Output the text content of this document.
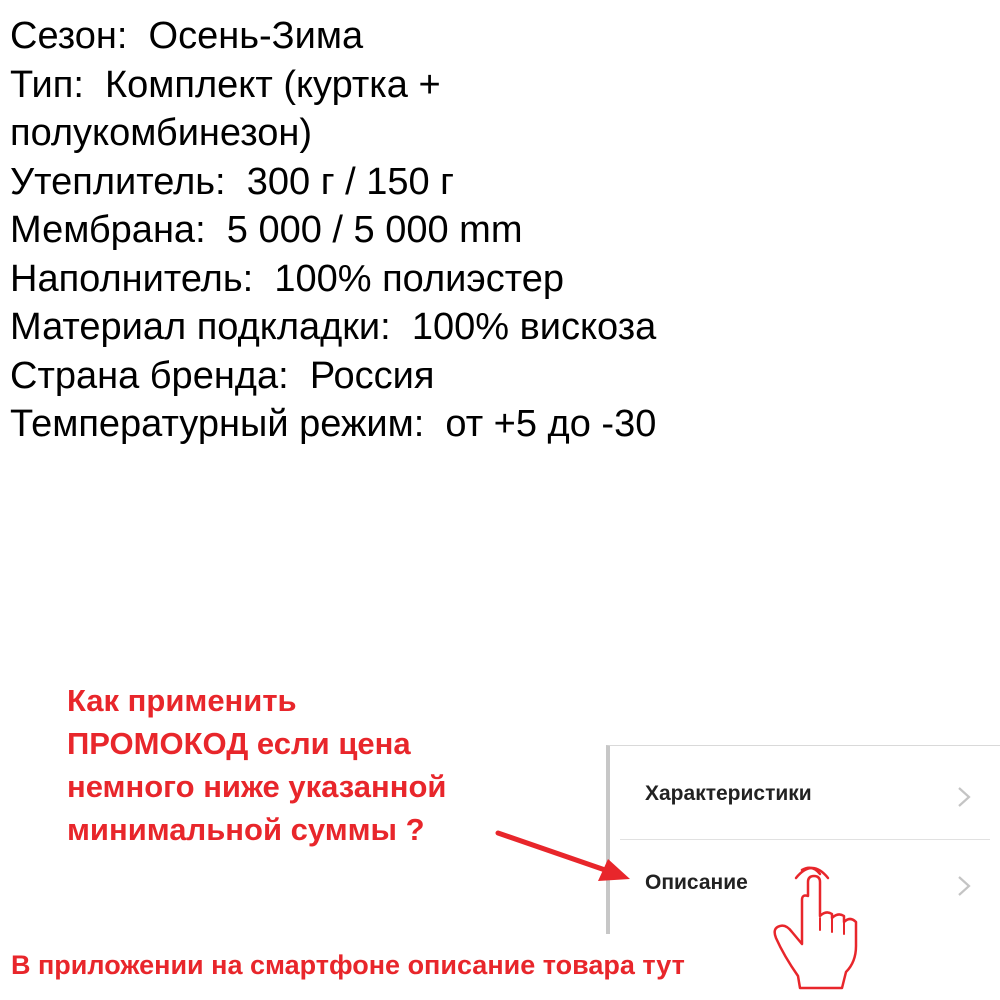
Сезон: Осень-Зима
Тип: Комплект (куртка + полукомбинезон)
Утеплитель: 300 г / 150 г
Мембрана: 5 000 / 5 000 mm
Наполнитель: 100% полиэстер
Материал подкладки: 100% вискоза
Страна бренда: Россия
Температурный режим: от +5 до -30
Как применить
ПРОМОКОД если цена
немного ниже указанной
минимальной суммы ?
Характеристики
Описание
В приложении на смартфоне описание товара тут
